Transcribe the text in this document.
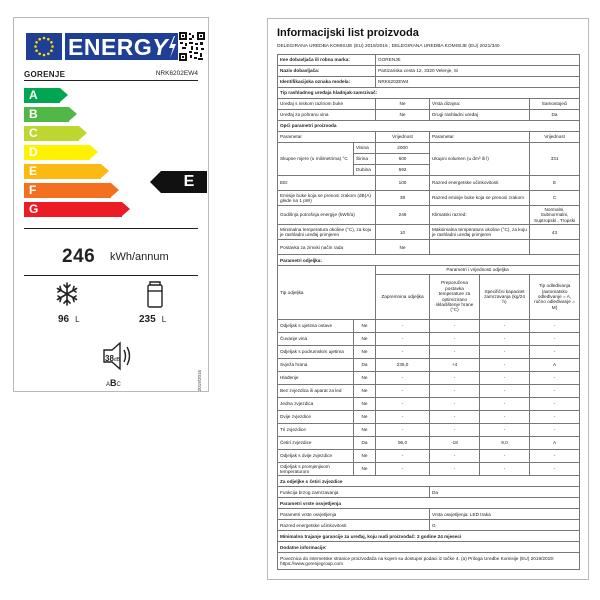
ENERGY
GORENJE	NRK6202EW4
A
B
C
D
E
F
G
E
246 kWh/annum
96 L	235 L
38dB
ABC	2019/2016
Informacijski list proizvoda
DELEGIRANA UREDBA KOMISIJE (EU) 2019/2016 ; DELEGIRANA UREDBA KOMISIJE (EU) 2021/340
Ime dobavljača ili robna marka:		GORENJE			
Naziv dobavljača:		Partizanska cesta 12, 3320 Velenje, Si			
Identifikacijska oznaka modela:		NRK6202EW4			
Tip rashladnog uređaja hladnjak-zamrzivač:					
Uređaj s niskom razinom buke		Ne	Vrsta dizajna:		Samostojeći
Uređaj za pohranu vina		Ne	Drugi rashladni uređaj		Da
Opći parametri proizvoda					
Parametar		Vrijednost	Parametar		Vrijednost
Skupne mjere (u milimetrima) °C	Visina	2000	Ukupni volumen (u dm³ ili l)		331
	Širina	600			
	Dubina	592			
EEI		100	Razred energetske učinkovitosti		E
Emisije buke koja se prenosi zrakom (dB(A) glede na 1 pW)		38	Razred emisije buke koja se prenosi zrakom		C
Godišnja potrošnja energije (kWh/a)		246	Klimatski razred:		Normalni, Subnormalni, Suptropski , Tropski
Minimalna temperatura okoline (°C), za koju je rashladni uređaj primjeren		10	Maksimalna temperatura okoline (°C), za koju je rashladni uređaj primjeren		43
Postavka za zimski način rada		Ne			
Parametri odjeljka:					
Tip odjeljka		Parametri i vrijednosti odjeljka			
		Zapremnina odjeljka	Preporučena postavka temperature za optimizirano skladištenje hrane (°C)	Specifični kapacitet zamrzavanja (kg/24 h)	Tip odleđivanja (automatsko odleđivanje = A, ručno odleđivanje = M)
Odjeljak s ujetima ostave	Ne	-	-	-	-
Čuvanje vina	Ne	-	-	-	-
Odjeljak s podrumskim ujetima	Ne	-	-	-	-
Svježa hrana	Da	235,0	+4	-	A
Hlađenje	Ne	-	-	-	-
Bez zvjezdica ili aparat za led	Ne	-	-	-	-
Jedna zvjezdica	Ne	-	-	-	-
Dvije zvjezdice	Ne	-	-	-	-
Tri zvjezdice	Ne	-	-	-	-
Četiri zvjezdice	Da	96,0	-18	9,0	A
Odjeljak s dvije zvjezdice	Ne	-	-	-	-
Odjeljak s promjenjivom temperaturom	Ne	-	-	-	-
Za odjeljke s četiri zvjezdice					
Funkcija brzog zamrzavanja			Da		
Parametri vrste osvjetljenja					
Parametri vrste osvjetljenja			Vrsta osvjetljenja: LED traka		
Razred energetske učinkovitosti			G		
Minimalno trajanje garancije za uređaj, koju nudi proizvođač: 2 godine 24 mjeseci					
Dodatne informacije:					
Poveznica do internetske stranice proizvođača na kojem su dostupni podaci iz točke 4. (a) Priloga Uredbe Komisije (EU) 2019/2019: https://www.gorenjegroup.com					
